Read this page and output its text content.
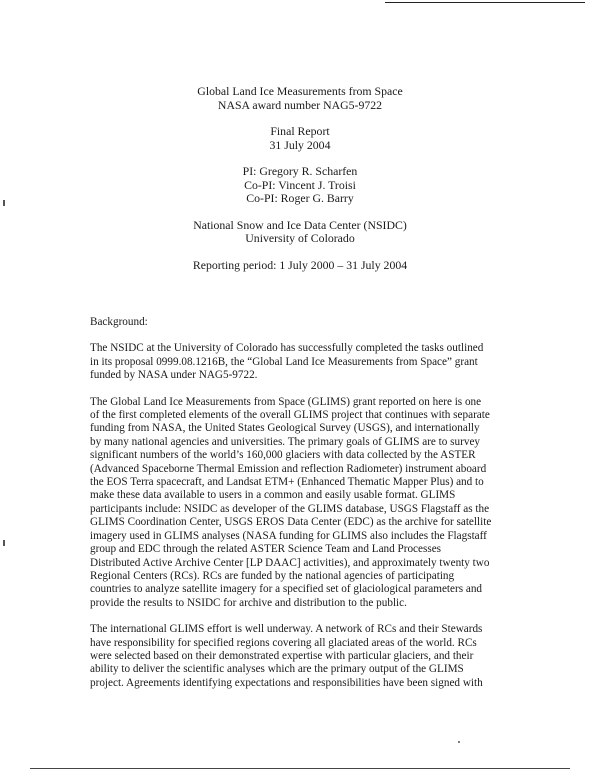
Global Land Ice Measurements from Space
NASA award number NAG5-9722
Final Report
31 July 2004
PI: Gregory R. Scharfen
Co-PI: Vincent J. Troisi
Co-PI: Roger G. Barry
National Snow and Ice Data Center (NSIDC)
University of Colorado
Reporting period: 1 July 2000 – 31 July 2004

Background:

The NSIDC at the University of Colorado has successfully completed the tasks outlined
in its proposal 0999.08.1216B, the “Global Land Ice Measurements from Space” grant
funded by NASA under NAG5-9722.

The Global Land Ice Measurements from Space (GLIMS) grant reported on here is one
of the first completed elements of the overall GLIMS project that continues with separate
funding from NASA, the United States Geological Survey (USGS), and internationally
by many national agencies and universities. The primary goals of GLIMS are to survey
significant numbers of the world’s 160,000 glaciers with data collected by the ASTER
(Advanced Spaceborne Thermal Emission and reflection Radiometer) instrument aboard
the EOS Terra spacecraft, and Landsat ETM+ (Enhanced Thematic Mapper Plus) and to
make these data available to users in a common and easily usable format. GLIMS
participants include: NSIDC as developer of the GLIMS database, USGS Flagstaff as the
GLIMS Coordination Center, USGS EROS Data Center (EDC) as the archive for satellite
imagery used in GLIMS analyses (NASA funding for GLIMS also includes the Flagstaff
group and EDC through the related ASTER Science Team and Land Processes
Distributed Active Archive Center [LP DAAC] activities), and approximately twenty two
Regional Centers (RCs). RCs are funded by the national agencies of participating
countries to analyze satellite imagery for a specified set of glaciological parameters and
provide the results to NSIDC for archive and distribution to the public.

The international GLIMS effort is well underway. A network of RCs and their Stewards
have responsibility for specified regions covering all glaciated areas of the world. RCs
were selected based on their demonstrated expertise with particular glaciers, and their
ability to deliver the scientific analyses which are the primary output of the GLIMS
project. Agreements identifying expectations and responsibilities have been signed with
